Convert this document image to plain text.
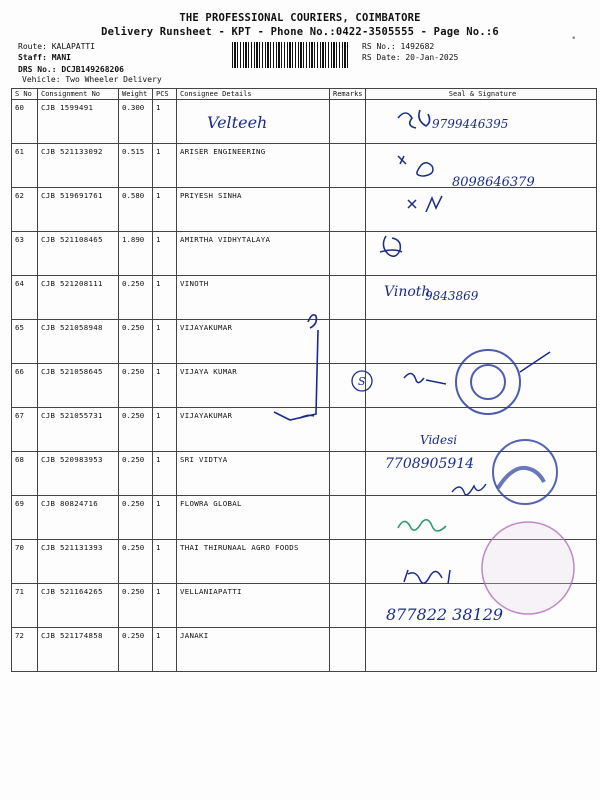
THE PROFESSIONAL COURIERS, COIMBATORE
Delivery Runsheet - KPT - Phone No.:0422-3505555 - Page No.:6
Route: KALAPATTI
Staff: MANI
DRS No.: DCJB149268206
Vehicle: Two Wheeler Delivery
RS No.: 1492682
RS Date: 20-Jan-2025
•
S No	Consignment No	Weight	PCS	Consignee Details	Remarks	Seal & Signature
60	CJB 1599491	0.300	1			
61	CJB 521133092	0.515	1	ARISER ENGINEERING		
62	CJB 519691761	0.580	1	PRIYESH SINHA		
63	CJB 521108465	1.890	1	AMIRTHA VIDHYTALAYA		
64	CJB 521208111	0.250	1	VINOTH		
65	CJB 521058948	0.250	1	VIJAYAKUMAR		
66	CJB 521058645	0.250	1	VIJAYA KUMAR		
67	CJB 521055731	0.250	1	VIJAYAKUMAR		
68	CJB 520983953	0.250	1	SRI VIDTYA		
69	CJB 80824716	0.250	1	FLOWRA GLOBAL		
70	CJB 521131393	0.250	1	THAI THIRUNAAL AGRO FOODS		
71	CJB 521164265	0.250	1	VELLANIAPATTI		
72	CJB 521174858	0.250	1	JANAKI		
Velteeh	9799446395
8098646379
Vinoth
9843869
S
Videsi
7708905914
877822 38129
